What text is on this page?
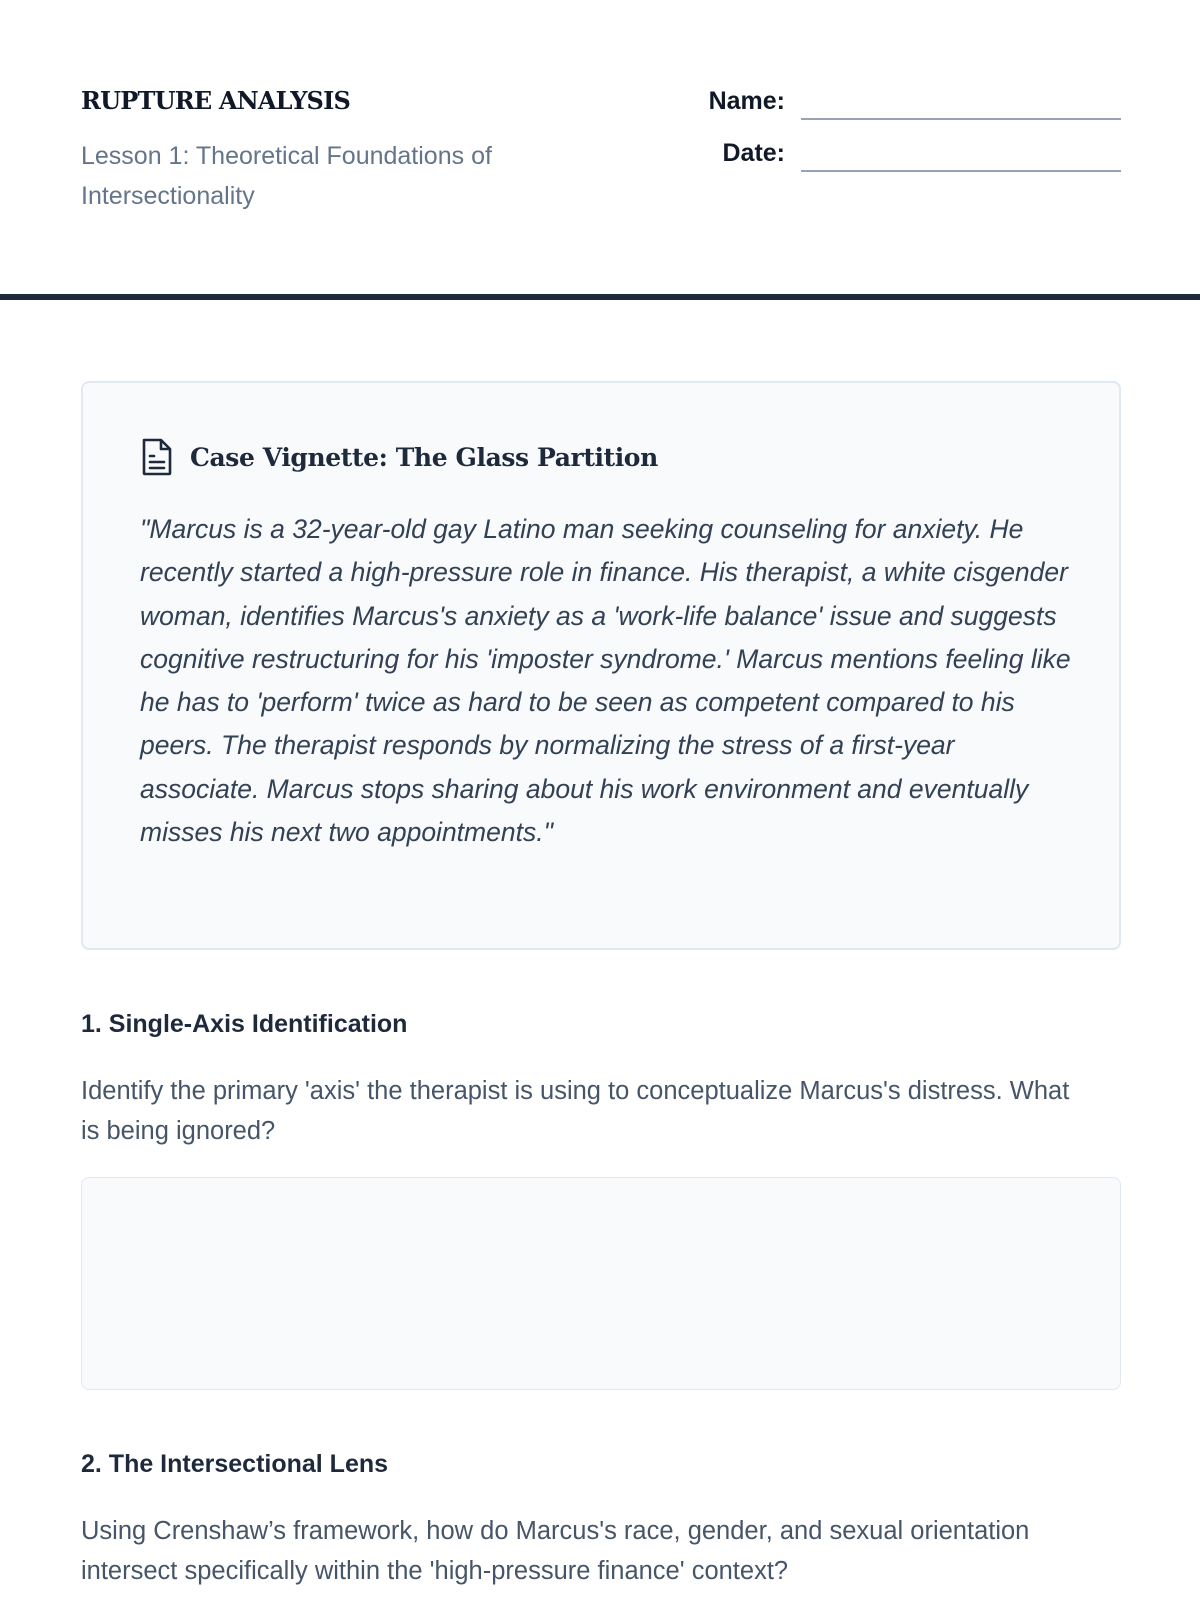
RUPTURE ANALYSIS
Lesson 1: Theoretical Foundations of Intersectionality
Name:
Date:
Case Vignette: The Glass Partition

"Marcus is a 32-year-old gay Latino man seeking counseling for anxiety. He recently started a high-pressure role in finance. His therapist, a white cisgender woman, identifies Marcus's anxiety as a 'work-life balance' issue and suggests cognitive restructuring for his 'imposter syndrome.' Marcus mentions feeling like he has to 'perform' twice as hard to be seen as competent compared to his peers. The therapist responds by normalizing the stress of a first-year associate. Marcus stops sharing about his work environment and eventually misses his next two appointments."

1. Single-Axis Identification

Identify the primary 'axis' the therapist is using to conceptualize Marcus's distress. What is being ignored?

2. The Intersectional Lens

Using Crenshaw’s framework, how do Marcus's race, gender, and sexual orientation intersect specifically within the 'high-pressure finance' context?
